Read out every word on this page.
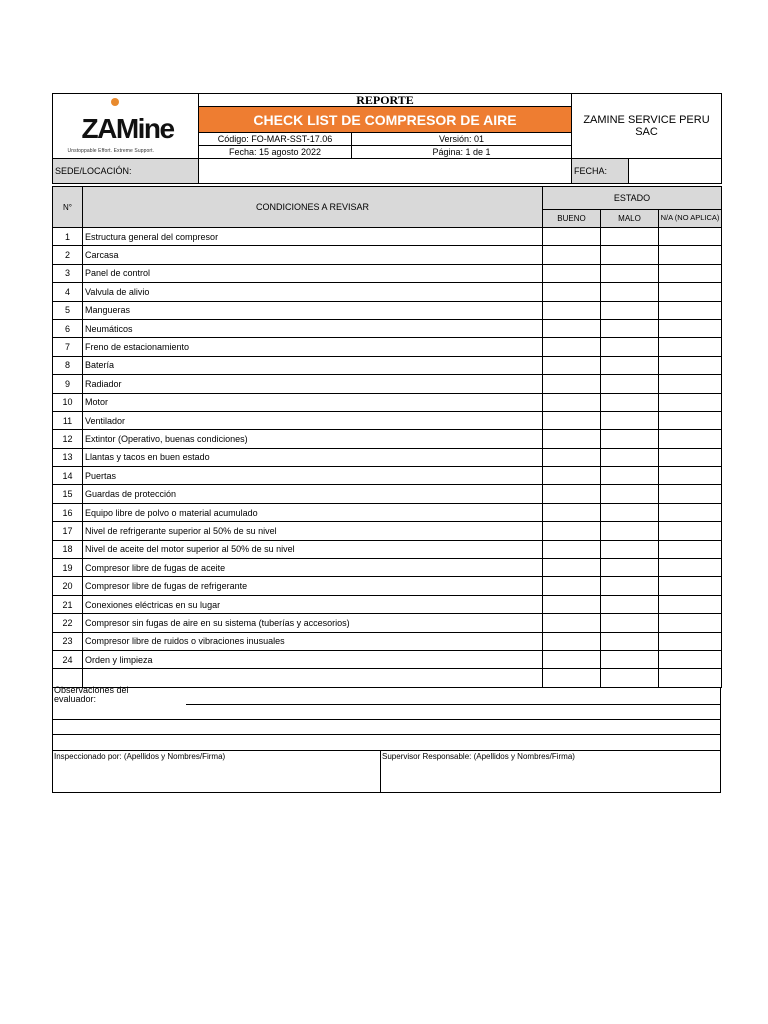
ZAMine
Unstoppable Effort. Extreme Support.	REPORTE		ZAMINE SERVICE PERU SAC
	CHECK LIST DE COMPRESOR DE AIRE		
	Código: FO-MAR-SST-17.06	Versión: 01	
	Fecha: 15 agosto 2022	Página: 1 de 1	
SEDE/LOCACIÓN:		FECHA:	
N°	CONDICIONES A REVISAR	ESTADO		
		BUENO	MALO	N/A (NO APLICA)
1	Estructura general del compresor			
2	Carcasa			
3	Panel de control			
4	Valvula de alivio			
5	Mangueras			
6	Neumáticos			
7	Freno de estacionamiento			
8	Batería			
9	Radiador			
10	Motor			
11	Ventilador			
12	Extintor (Operativo, buenas condiciones)			
13	Llantas y tacos en buen estado			
14	Puertas			
15	Guardas de protección			
16	Equipo libre de polvo o material acumulado			
17	Nivel de refrigerante superior al 50% de su nivel			
18	Nivel de aceite del motor superior al 50% de su nivel			
19	Compresor libre de fugas de aceite			
20	Compresor libre de fugas de refrigerante			
21	Conexiones eléctricas en su lugar			
22	Compresor sin fugas de aire en su sistema (tuberías y accesorios)			
23	Compresor libre de ruidos o vibraciones inusuales			
24	Orden y limpieza			

Observaciones del evaluador:
Inspeccionado por: (Apellidos y Nombres/Firma)	Supervisor Responsable: (Apellidos y Nombres/Firma)
